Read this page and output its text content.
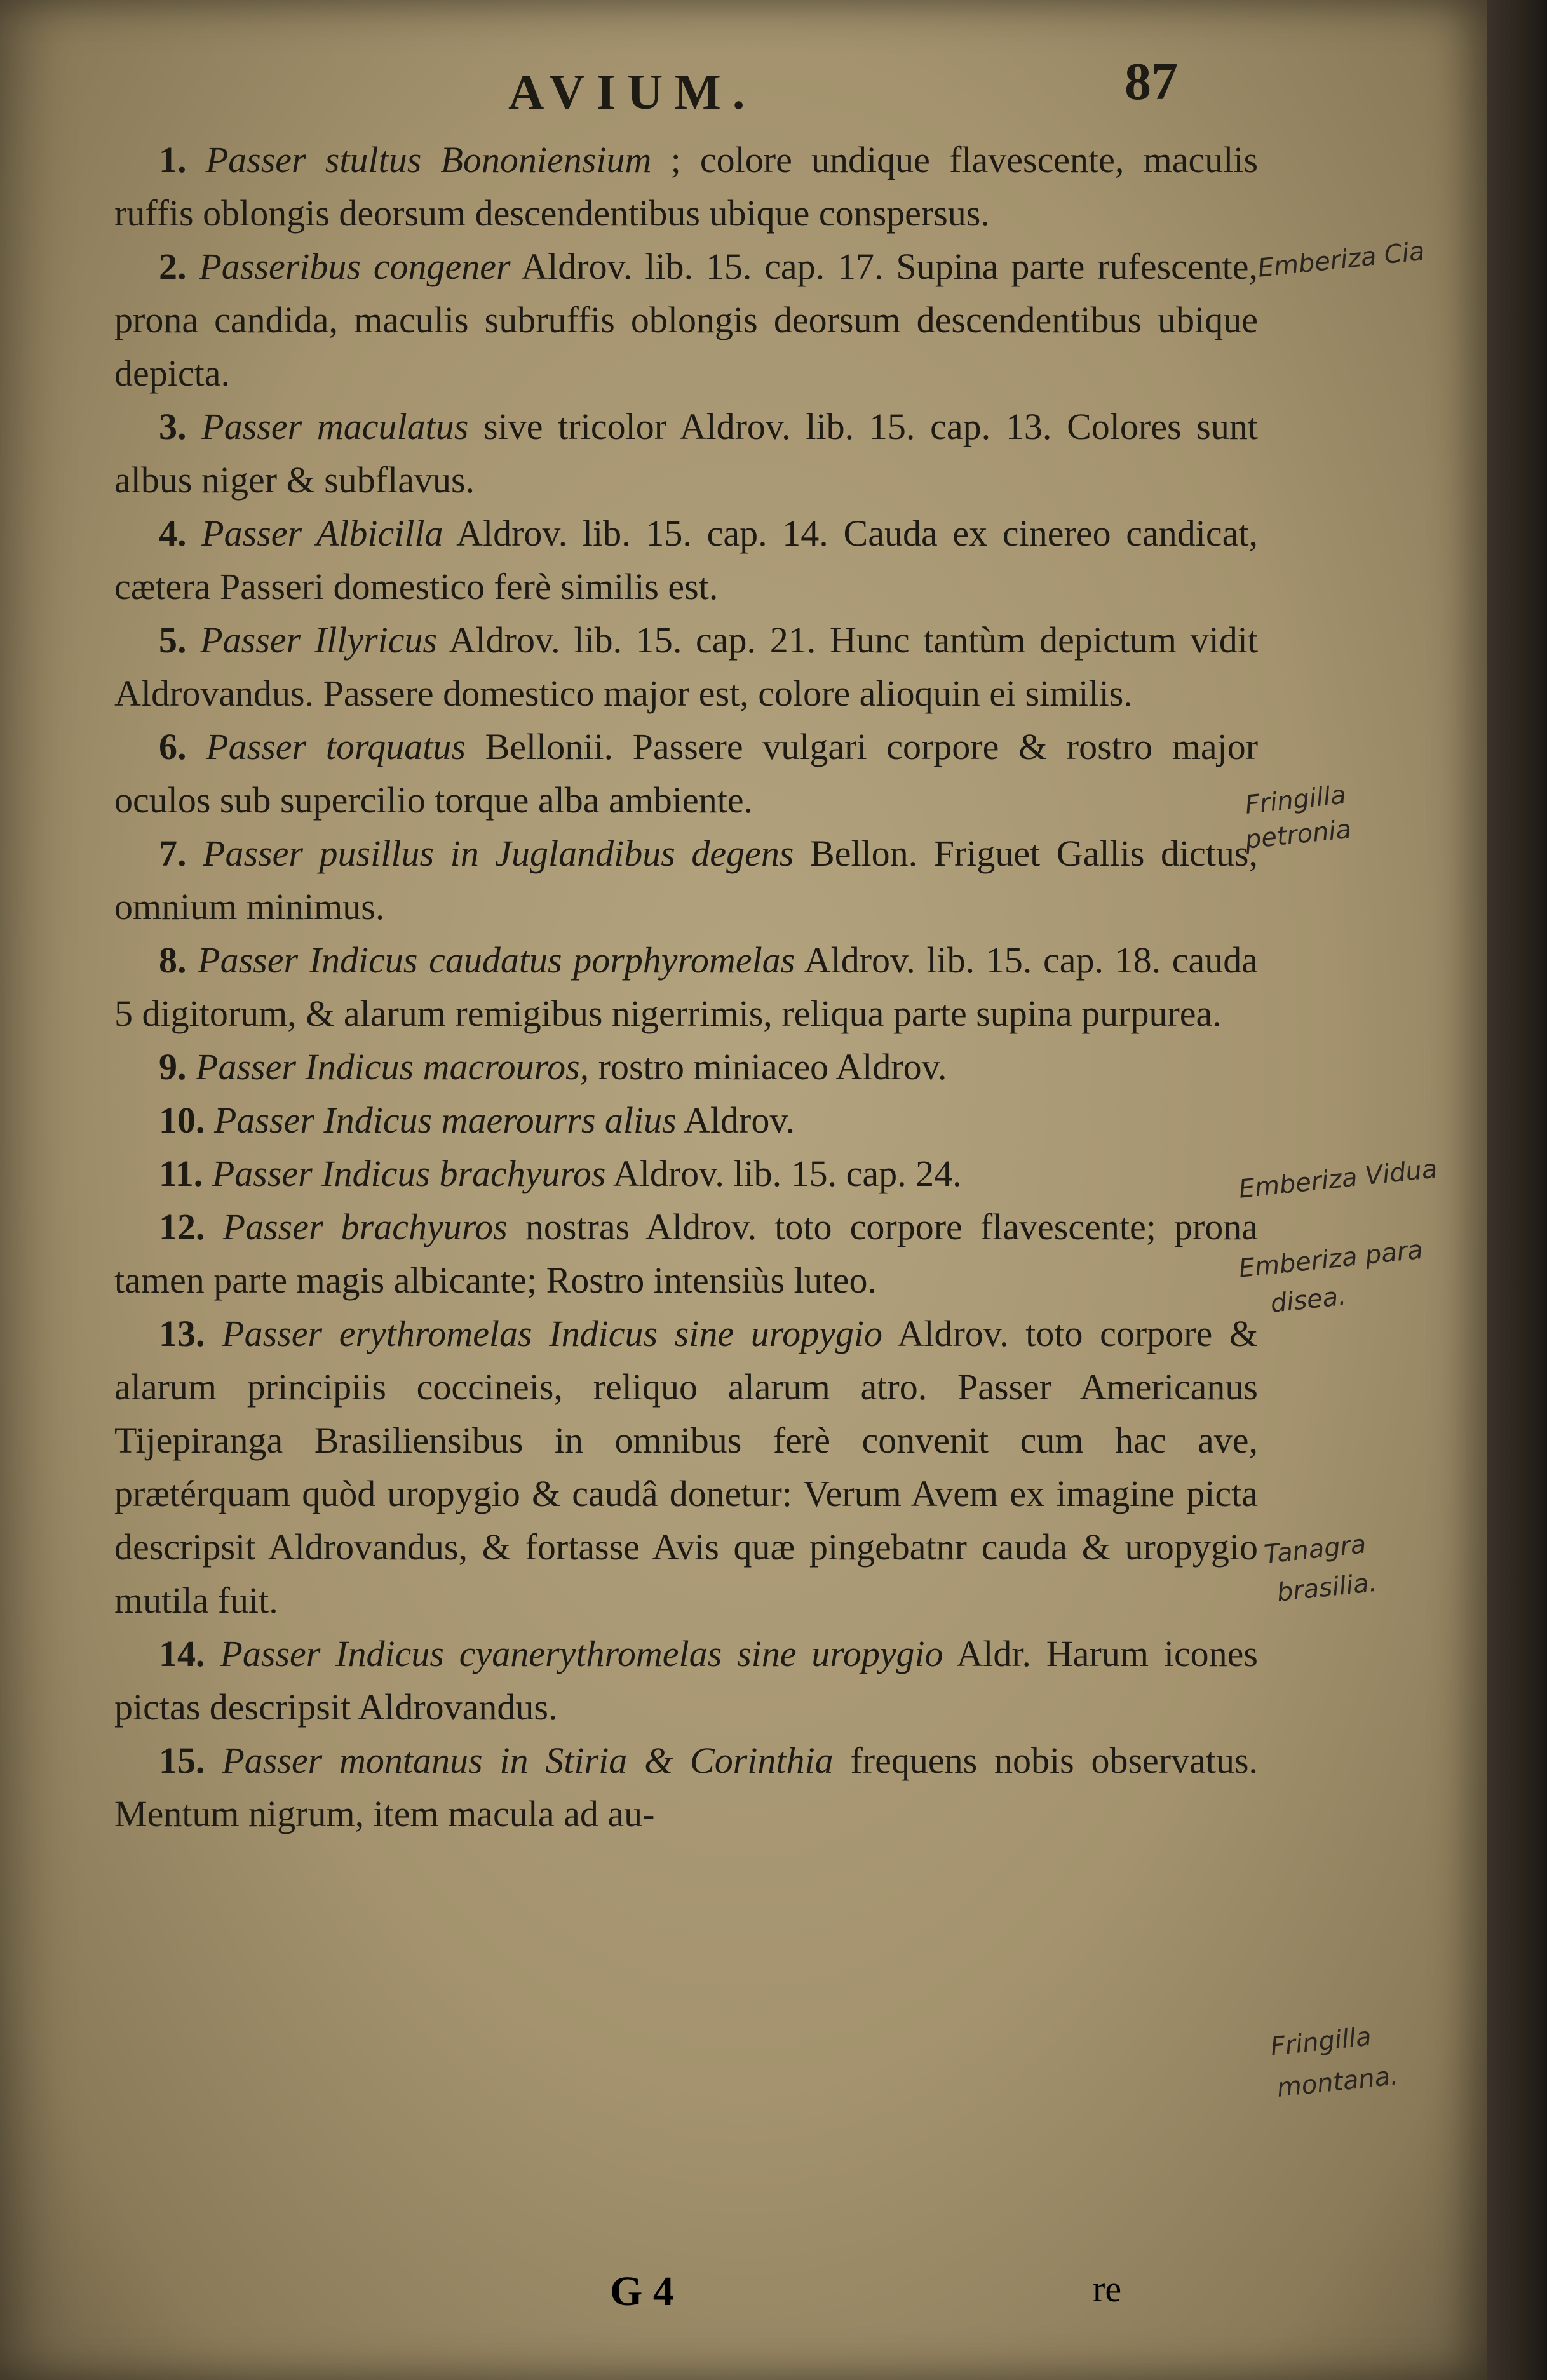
AVIUM.	87

1. Passer stultus Bononiensium ; colore undique flavescente, maculis ruffis oblongis deorsum descendentibus ubique conspersus.

2. Passeribus congener Aldrov. lib. 15. cap. 17. Supina parte rufescente, prona candida, maculis subruffis oblongis deorsum descendentibus ubique depicta.

3. Passer maculatus sive tricolor Aldrov. lib. 15. cap. 13. Colores sunt albus niger & subflavus.

4. Passer Albicilla Aldrov. lib. 15. cap. 14. Cauda ex cinereo candicat, cætera Passeri domestico ferè similis est.

5. Passer Illyricus Aldrov. lib. 15. cap. 21. Hunc tantùm depictum vidit Aldrovandus. Passere domestico major est, colore alioquin ei similis.

6. Passer torquatus Bellonii. Passere vulgari corpore & rostro major oculos sub supercilio torque alba ambiente.

7. Passer pusillus in Juglandibus degens Bellon. Friguet Gallis dictus, omnium minimus.

8. Passer Indicus caudatus porphyromelas Aldrov. lib. 15. cap. 18. cauda 5 digitorum, & alarum remigibus nigerrimis, reliqua parte supina purpurea.

9. Passer Indicus macrouros, rostro miniaceo Aldrov.

10. Passer Indicus maerourrs alius Aldrov.

11. Passer Indicus brachyuros Aldrov. lib. 15. cap. 24.

12. Passer brachyuros nostras Aldrov. toto corpore flavescente; prona tamen parte magis albicante; Rostro intensiùs luteo.

13. Passer erythromelas Indicus sine uropygio Aldrov. toto corpore & alarum principiis coccineis, reliquo alarum atro. Passer Americanus Tijepiranga Brasiliensibus in omnibus ferè convenit cum hac ave, prætérquam quòd uropygio & caudâ donetur: Verum Avem ex imagine picta descripsit Aldrovandus, & fortasse Avis quæ pingebatnr cauda & uropygio mutila fuit.

14. Passer Indicus cyanerythromelas sine uropygio Aldr. Harum icones pictas descripsit Aldrovandus.

15. Passer montanus in Stiria & Corinthia frequens nobis observatus. Mentum nigrum, item macula ad au-

G 4	re
Emberiza Cia
Fringilla
petronia
Emberiza Vidua
Emberiza para
disea.
Tanagra
brasilia.
Fringilla
montana.
